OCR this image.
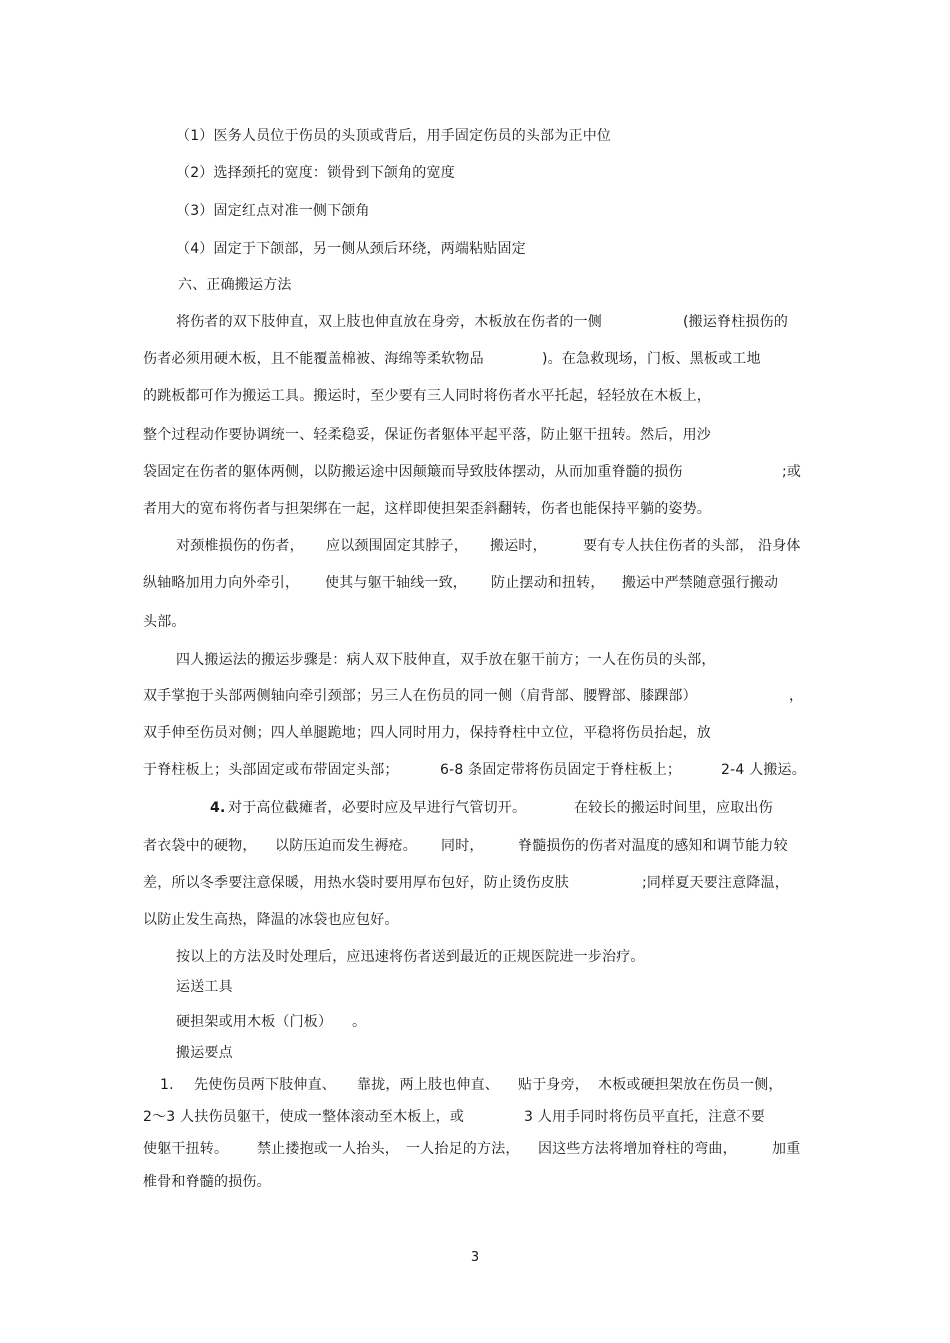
（1）医务人员位于伤员的头顶或背后，用手固定伤员的头部为正中位
（2）选择颈托的宽度：锁骨到下颌角的宽度
（3）固定红点对准一侧下颌角
（4）固定于下颌部，另一侧从颈后环绕，两端粘贴固定
六、正确搬运方法
将伤者的双下肢伸直，双上肢也伸直放在身旁，木板放在伤者的一侧	(搬运脊柱损伤的
伤者必须用硬木板，且不能覆盖棉被、海绵等柔软物品	)。在急救现场，门板、黑板或工地
的跳板都可作为搬运工具。搬运时，至少要有三人同时将伤者水平托起，轻轻放在木板上，
整个过程动作要协调统一、轻柔稳妥，保证伤者躯体平起平落，防止躯干扭转。然后，用沙
袋固定在伤者的躯体两侧，以防搬运途中因颠簸而导致肢体摆动，从而加重脊髓的损伤	;或
者用大的宽布将伤者与担架绑在一起，这样即使担架歪斜翻转，伤者也能保持平躺的姿势。
对颈椎损伤的伤者， 应以颈围固定其脖子， 搬运时，	要有专人扶住伤者的头部， 沿身体
纵轴略加用力向外牵引， 使其与躯干轴线一致， 防止摆动和扭转， 搬运中严禁随意强行搬动
头部。
四人搬运法的搬运步骤是：病人双下肢伸直，双手放在躯干前方；一人在伤员的头部，
双手掌抱于头部两侧轴向牵引颈部；另三人在伤员的同一侧（肩背部、腰臀部、膝踝部）	，
双手伸至伤员对侧；四人单腿跪地；四人同时用力，保持脊柱中立位，平稳将伤员抬起，放
于脊柱板上；头部固定或布带固定头部；	6-8 条固定带将伤员固定于脊柱板上；	2-4 人搬运。
4. 对于高位截瘫者，必要时应及早进行气管切开。	在较长的搬运时间里，应取出伤
者衣袋中的硬物， 以防压迫而发生褥疮。 同时， 脊髓损伤的伤者对温度的感知和调节能力较
差，所以冬季要注意保暖，用热水袋时要用厚布包好，防止烫伤皮肤	;同样夏天要注意降温，
以防止发生高热，降温的冰袋也应包好。
按以上的方法及时处理后，应迅速将伤者送到最近的正规医院进一步治疗。
运送工具
硬担架或用木板（门板） 。
搬运要点
1. 先使伤员两下肢伸直、 靠拢，两上肢也伸直、 贴于身旁， 木板或硬担架放在伤员一侧，
2～3 人扶伤员躯干，使成一整体滚动至木板上，或	3 人用手同时将伤员平直托，注意不要
使躯干扭转。 禁止搂抱或一人抬头， 一人抬足的方法， 因这些方法将增加脊柱的弯曲，	加重
椎骨和脊髓的损伤。
3
